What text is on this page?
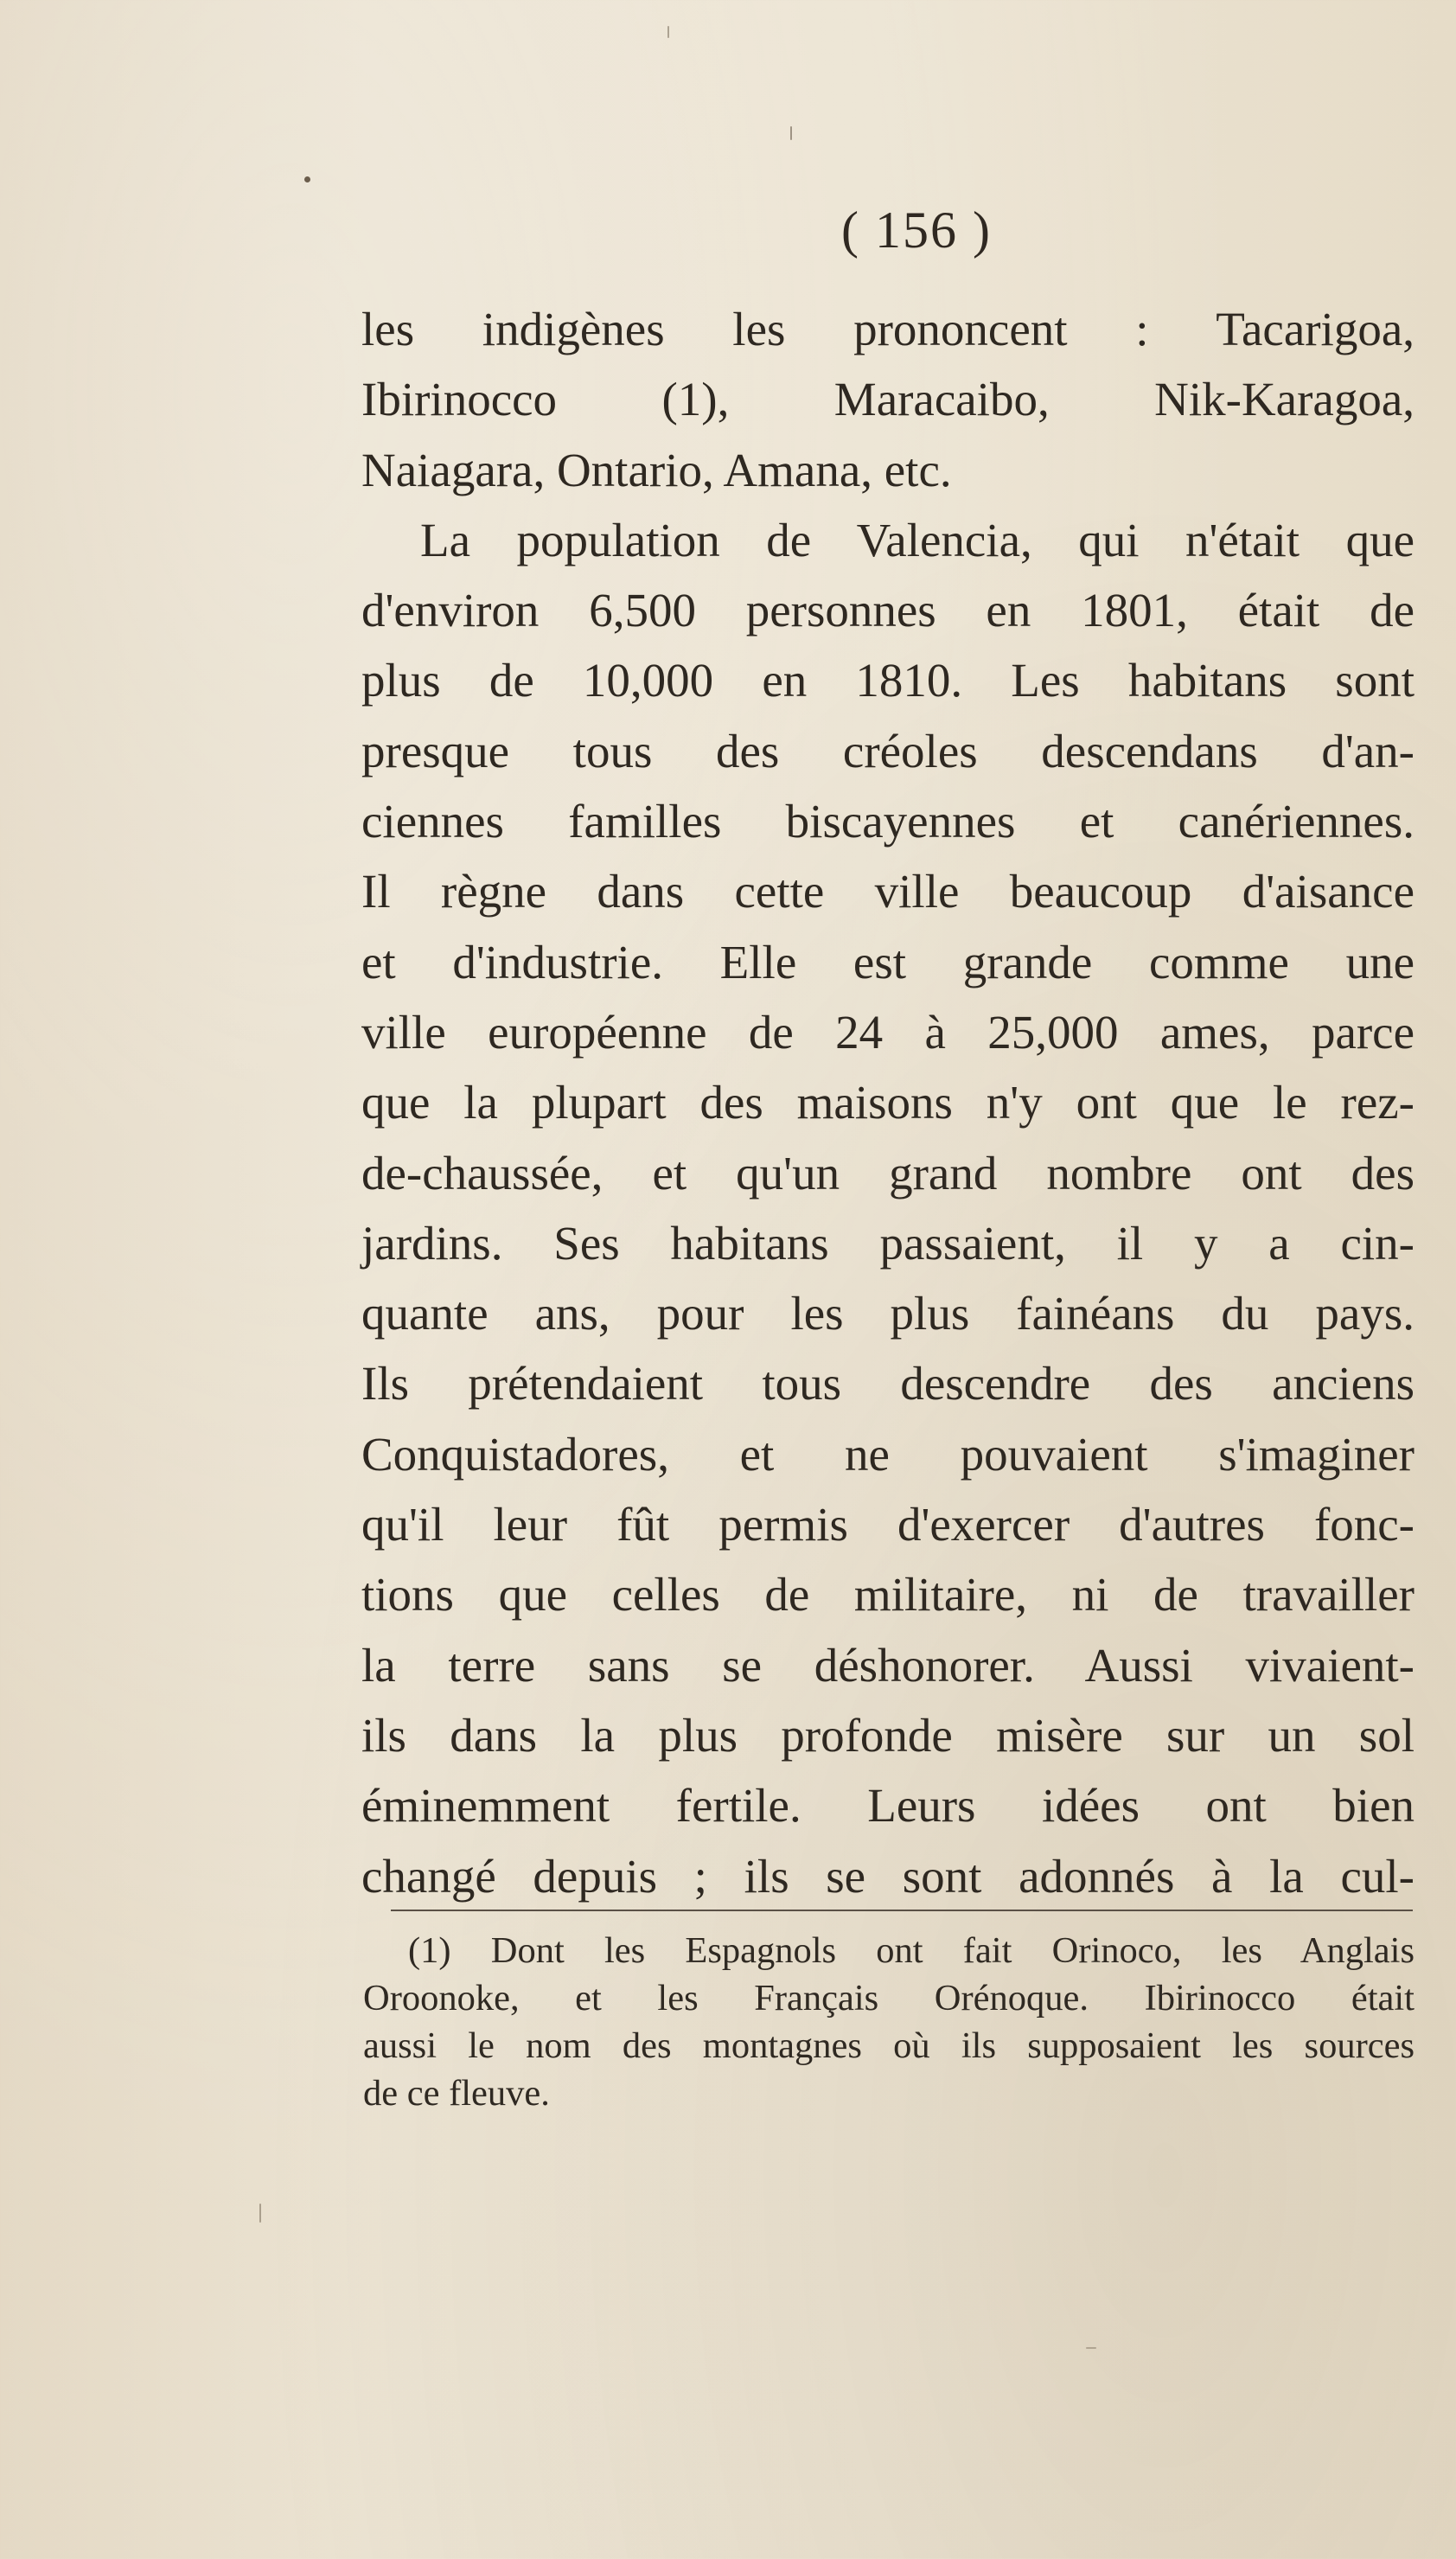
( 156 )
les indigènes les prononcent : Tacarigoa,
Ibirinocco (1), Maracaibo, Nik-Karagoa,
Naiagara, Ontario, Amana, etc.
La population de Valencia, qui n'était que
d'environ 6,500 personnes en 1801, était de
plus de 10,000 en 1810. Les habitans sont
presque tous des créoles descendans d'an-
ciennes familles biscayennes et canériennes.
Il règne dans cette ville beaucoup d'aisance
et d'industrie. Elle est grande comme une
ville européenne de 24 à 25,000 ames, parce
que la plupart des maisons n'y ont que le rez-
de-chaussée, et qu'un grand nombre ont des
jardins. Ses habitans passaient, il y a cin-
quante ans, pour les plus fainéans du pays.
Ils prétendaient tous descendre des anciens
Conquistadores, et ne pouvaient s'imaginer
qu'il leur fût permis d'exercer d'autres fonc-
tions que celles de militaire, ni de travailler
la terre sans se déshonorer. Aussi vivaient-
ils dans la plus profonde misère sur un sol
éminemment fertile. Leurs idées ont bien
changé depuis ; ils se sont adonnés à la cul-
(1) Dont les Espagnols ont fait Orinoco, les Anglais
Oroonoke, et les Français Orénoque. Ibirinocco était
aussi le nom des montagnes où ils supposaient les sources
de ce fleuve.
